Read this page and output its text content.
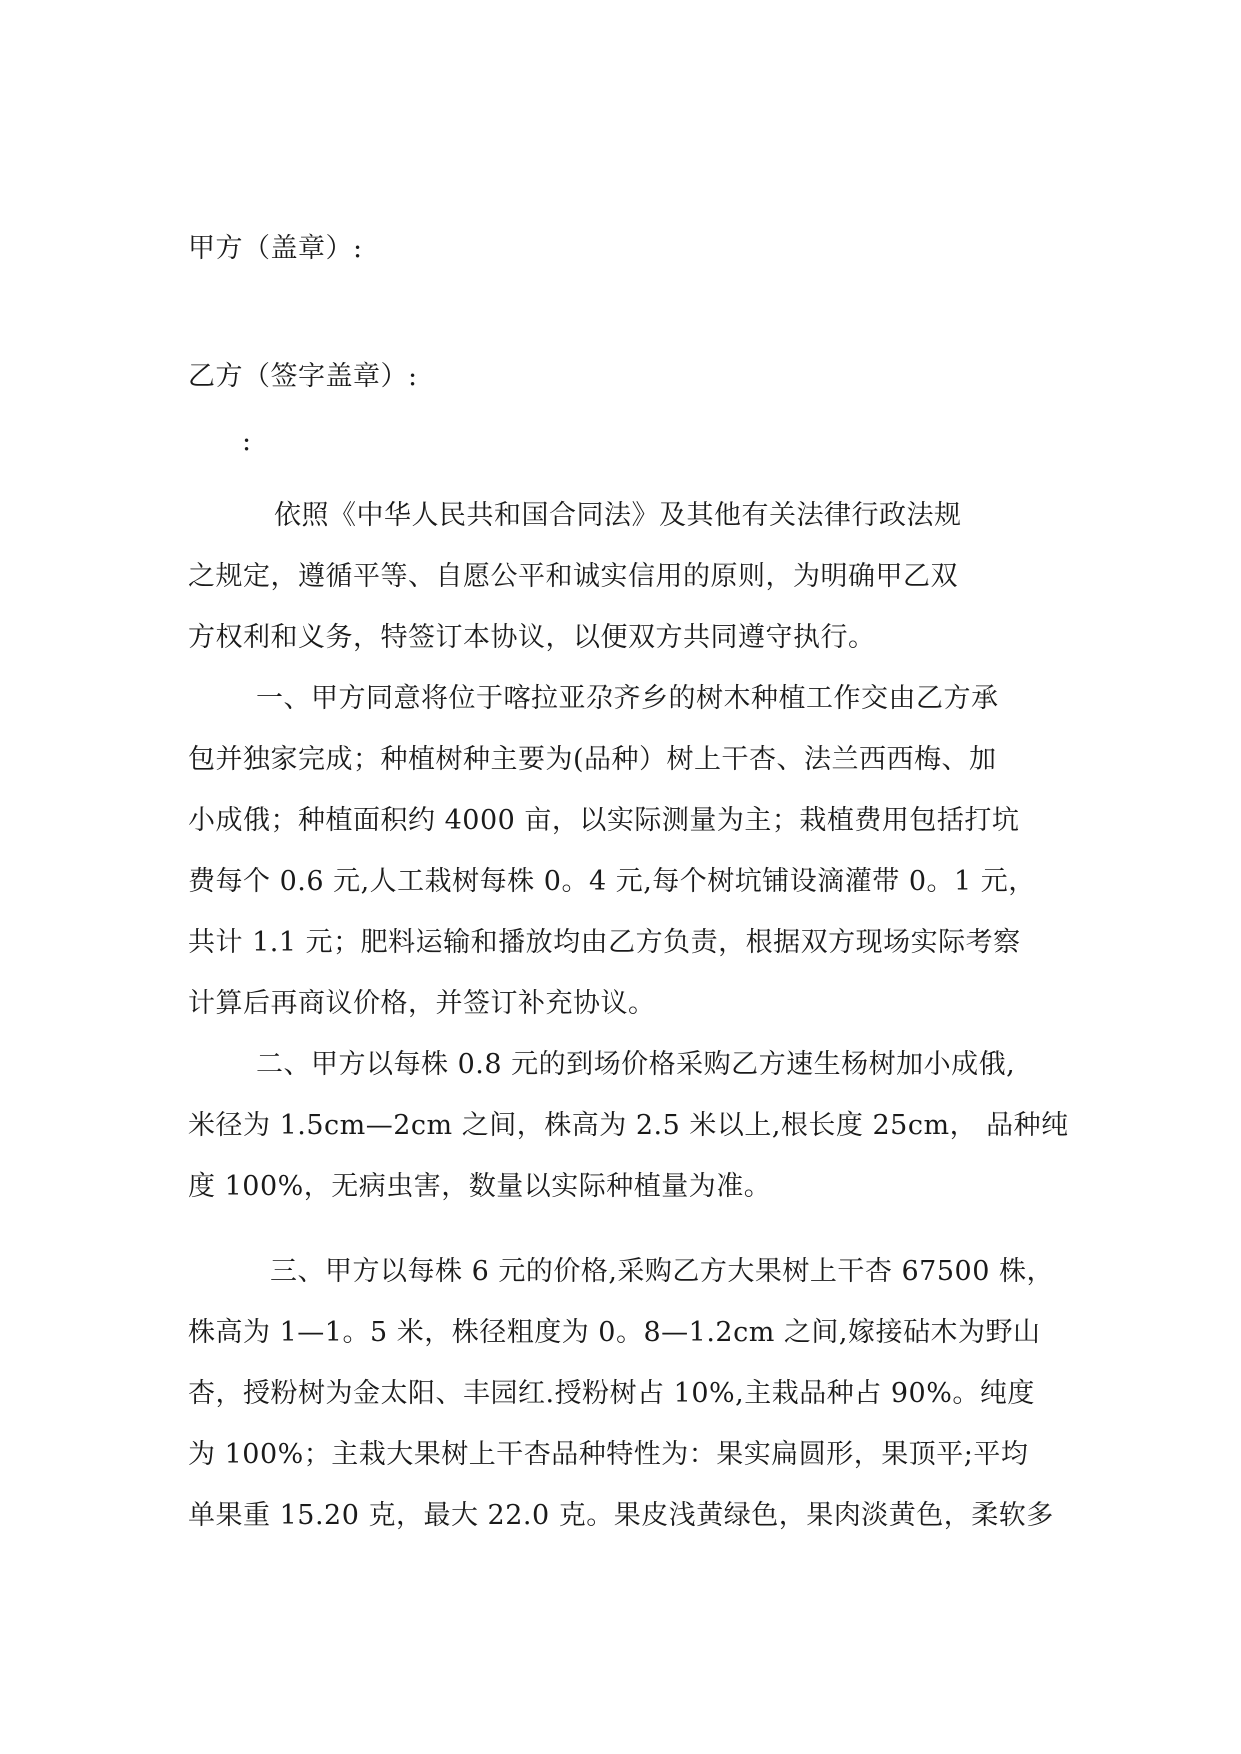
甲方（盖章）:
乙方（签字盖章）:
:
依照《中华人民共和国合同法》及其他有关法律行政法规
之规定，遵循平等、自愿公平和诚实信用的原则，为明确甲乙双
方权利和义务，特签订本协议，以便双方共同遵守执行。
一、甲方同意将位于喀拉亚尕齐乡的树木种植工作交由乙方承
包并独家完成；种植树种主要为(品种）树上干杏、法兰西西梅、加
小成俄；种植面积约 4000 亩，以实际测量为主；栽植费用包括打坑
费每个 0.6 元,人工栽树每株 0。4 元,每个树坑铺设滴灌带 0。1 元，
共计 1.1 元；肥料运输和播放均由乙方负责，根据双方现场实际考察
计算后再商议价格，并签订补充协议。
二、甲方以每株 0.8 元的到场价格采购乙方速生杨树加小成俄,
米径为 1.5cm—2cm 之间，株高为 2.5 米以上,根长度 25cm， 品种纯
度 100%，无病虫害，数量以实际种植量为准。
三、甲方以每株 6 元的价格,采购乙方大果树上干杏 67500 株，
株高为 1—1。5 米，株径粗度为 0。8—1.2cm 之间,嫁接砧木为野山
杏，授粉树为金太阳、丰园红.授粉树占 10%,主栽品种占 90%。纯度
为 100%；主栽大果树上干杏品种特性为：果实扁圆形，果顶平;平均
单果重 15.20 克，最大 22.0 克。果皮浅黄绿色，果肉淡黄色，柔软多
